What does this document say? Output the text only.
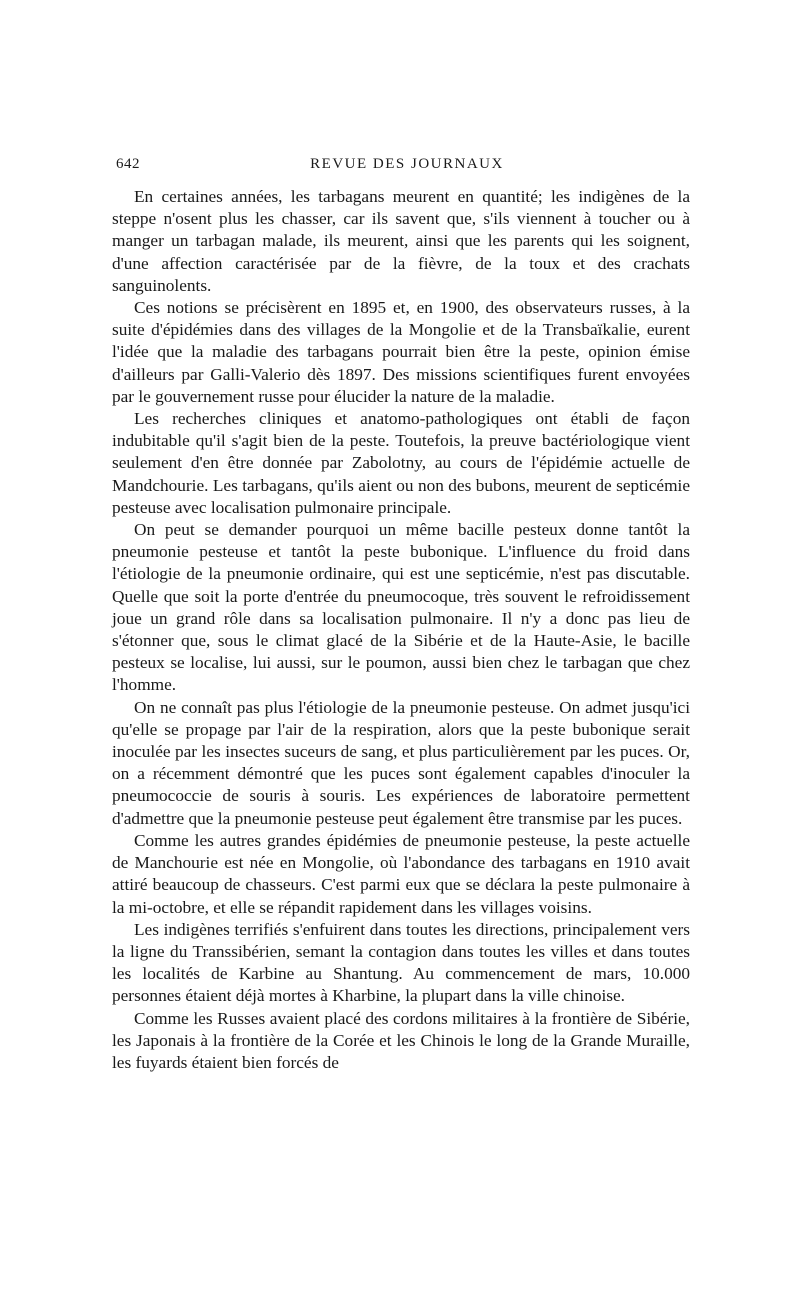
642	REVUE DES JOURNAUX

En certaines années, les tarbagans meurent en quantité; les indigènes de la steppe n'osent plus les chasser, car ils savent que, s'ils viennent à toucher ou à manger un tarbagan malade, ils meurent, ainsi que les parents qui les soignent, d'une affection caractérisée par de la fièvre, de la toux et des crachats sanguinolents.

Ces notions se précisèrent en 1895 et, en 1900, des observateurs russes, à la suite d'épidémies dans des villages de la Mongolie et de la Transbaïkalie, eurent l'idée que la maladie des tarbagans pourrait bien être la peste, opinion émise d'ailleurs par Galli-Valerio dès 1897. Des missions scientifiques furent envoyées par le gouvernement russe pour élucider la nature de la maladie.

Les recherches cliniques et anatomo-pathologiques ont établi de façon indubitable qu'il s'agit bien de la peste. Toutefois, la preuve bactériologique vient seulement d'en être donnée par Zabolotny, au cours de l'épidémie actuelle de Mandchourie. Les tarbagans, qu'ils aient ou non des bubons, meurent de septicémie pesteuse avec localisation pulmonaire principale.

On peut se demander pourquoi un même bacille pesteux donne tantôt la pneumonie pesteuse et tantôt la peste bubonique. L'influence du froid dans l'étiologie de la pneumonie ordinaire, qui est une septicémie, n'est pas discutable. Quelle que soit la porte d'entrée du pneumocoque, très souvent le refroidissement joue un grand rôle dans sa localisation pulmonaire. Il n'y a donc pas lieu de s'étonner que, sous le climat glacé de la Sibérie et de la Haute-Asie, le bacille pesteux se localise, lui aussi, sur le poumon, aussi bien chez le tarbagan que chez l'homme.

On ne connaît pas plus l'étiologie de la pneumonie pesteuse. On admet jusqu'ici qu'elle se propage par l'air de la respiration, alors que la peste bubonique serait inoculée par les insectes suceurs de sang, et plus particulièrement par les puces. Or, on a récemment démontré que les puces sont également capables d'inoculer la pneumococcie de souris à souris. Les expériences de laboratoire permettent d'admettre que la pneumonie pesteuse peut également être transmise par les puces.

Comme les autres grandes épidémies de pneumonie pesteuse, la peste actuelle de Manchourie est née en Mongolie, où l'abondance des tarbagans en 1910 avait attiré beaucoup de chasseurs. C'est parmi eux que se déclara la peste pulmonaire à la mi-octobre, et elle se répandit rapidement dans les villages voisins.

Les indigènes terrifiés s'enfuirent dans toutes les directions, principalement vers la ligne du Transsibérien, semant la contagion dans toutes les villes et dans toutes les localités de Karbine au Shantung. Au commencement de mars, 10.000 personnes étaient déjà mortes à Kharbine, la plupart dans la ville chinoise.

Comme les Russes avaient placé des cordons militaires à la frontière de Sibérie, les Japonais à la frontière de la Corée et les Chinois le long de la Grande Muraille, les fuyards étaient bien forcés de
